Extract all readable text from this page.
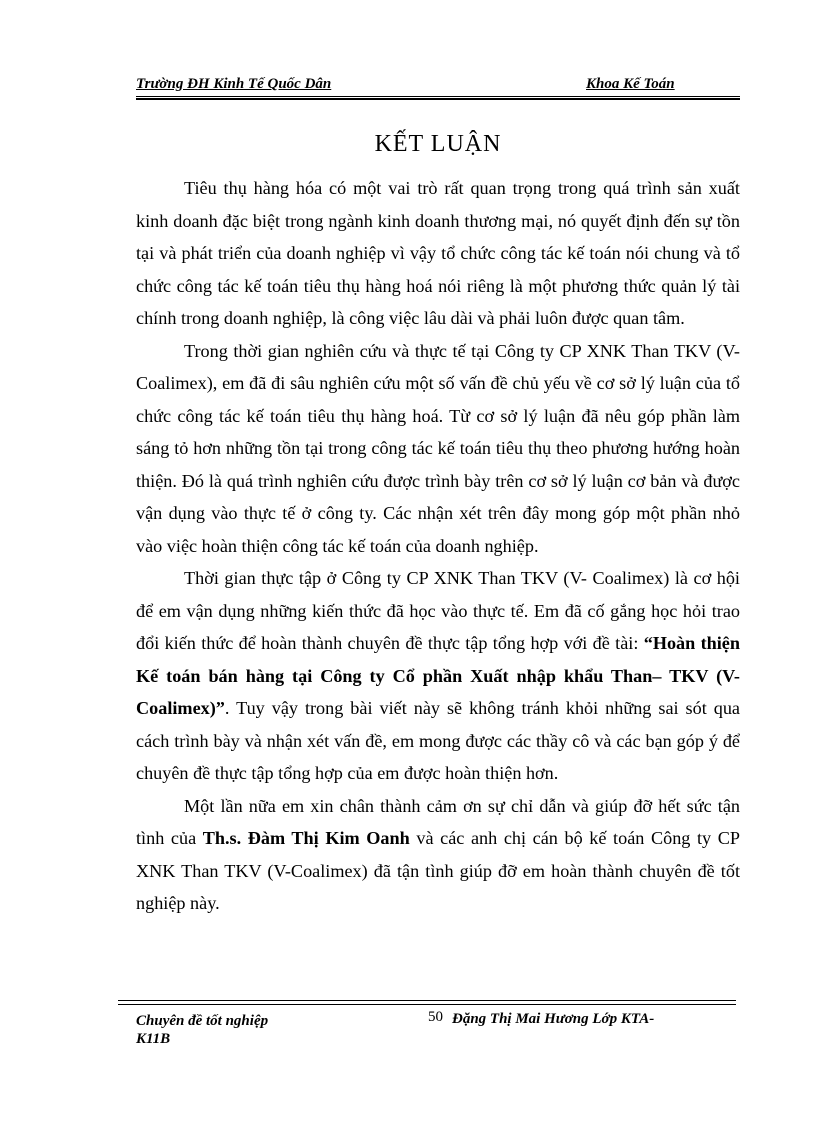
Trường ĐH Kinh Tế Quốc Dân	Khoa Kế Toán
KẾT LUẬN

Tiêu thụ hàng hóa có một vai trò rất quan trọng trong quá trình sản xuất kinh doanh đặc biệt trong ngành kinh doanh thương mại, nó quyết định đến sự tồn tại và phát triển của doanh nghiệp vì vậy tổ chức công tác kế toán nói chung và tổ chức công tác kế toán tiêu thụ hàng hoá nói riêng là một phương thức quản lý tài chính trong doanh nghiệp, là công việc lâu dài và phải luôn được quan tâm.

Trong thời gian nghiên cứu và thực tế tại Công ty CP XNK Than TKV (V- Coalimex), em đã đi sâu nghiên cứu một số vấn đề chủ yếu về cơ sở lý luận của tổ chức công tác kế toán tiêu thụ hàng hoá. Từ cơ sở lý luận đã nêu góp phần làm sáng tỏ hơn những tồn tại trong công tác kế toán tiêu thụ theo phương hướng hoàn thiện. Đó là quá trình nghiên cứu được trình bày trên cơ sở lý luận cơ bản và được vận dụng vào thực tế ở công ty. Các nhận xét trên đây mong góp một phần nhỏ vào việc hoàn thiện công tác kế toán của doanh nghiệp.

Thời gian thực tập ở Công ty CP XNK Than TKV (V- Coalimex) là cơ hội để em vận dụng những kiến thức đã học vào thực tế. Em đã cố gắng học hỏi trao đổi kiến thức để hoàn thành chuyên đề thực tập tổng hợp với đề tài: “Hoàn thiện Kế toán bán hàng tại Công ty Cổ phần Xuất nhập khẩu Than– TKV (V-Coalimex)”. Tuy vậy trong bài viết này sẽ không tránh khỏi những sai sót qua cách trình bày và nhận xét vấn đề, em mong được các thầy cô và các bạn góp ý để chuyên đề thực tập tổng hợp của em được hoàn thiện hơn.

Một lần nữa em xin chân thành cảm ơn sự chỉ dẫn và giúp đỡ hết sức tận tình của Th.s. Đàm Thị Kim Oanh và các anh chị cán bộ kế toán Công ty CP XNK Than TKV (V-Coalimex) đã tận tình giúp đỡ em hoàn thành chuyên đề tốt nghiệp này.

Chuyên đề tốt nghiệp	50 Đặng Thị Mai Hương Lớp KTA-
K11B
